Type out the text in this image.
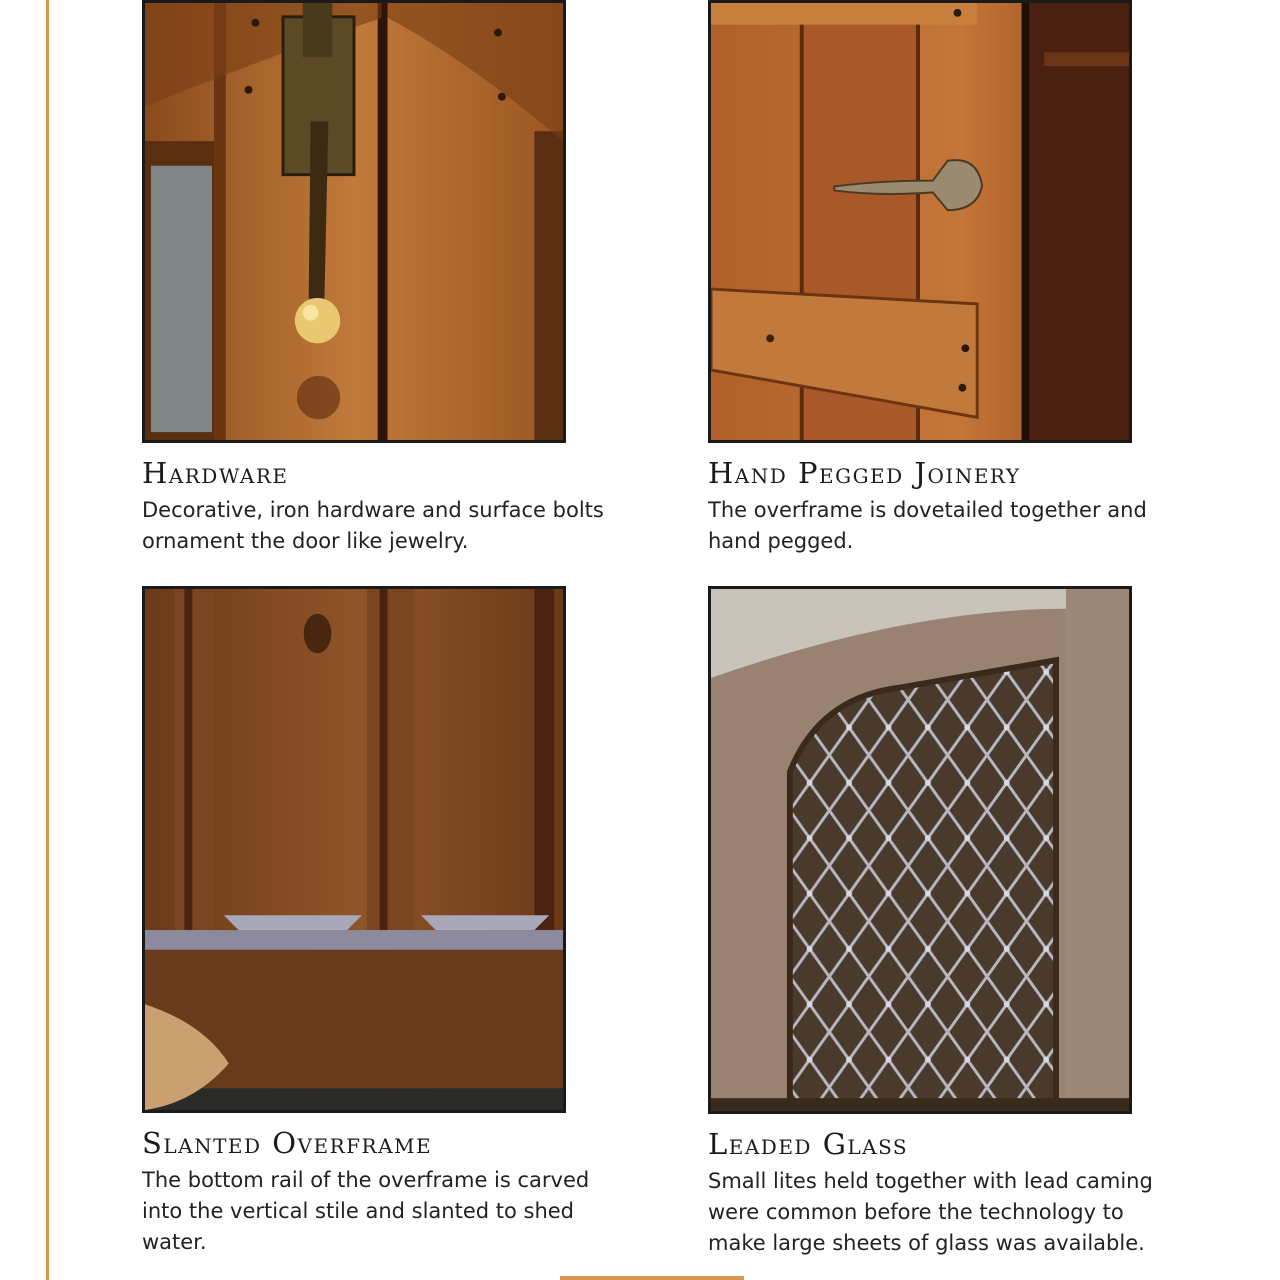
Hardware
Decorative, iron hardware and surface bolts ornament the door like jewelry.
Hand Pegged Joinery
The overframe is dovetailed together and hand pegged.
Slanted Overframe
The bottom rail of the overframe is carved into the vertical stile and slanted to shed water.
Leaded Glass
Small lites held together with lead caming were common before the technology to make large sheets of glass was available.
